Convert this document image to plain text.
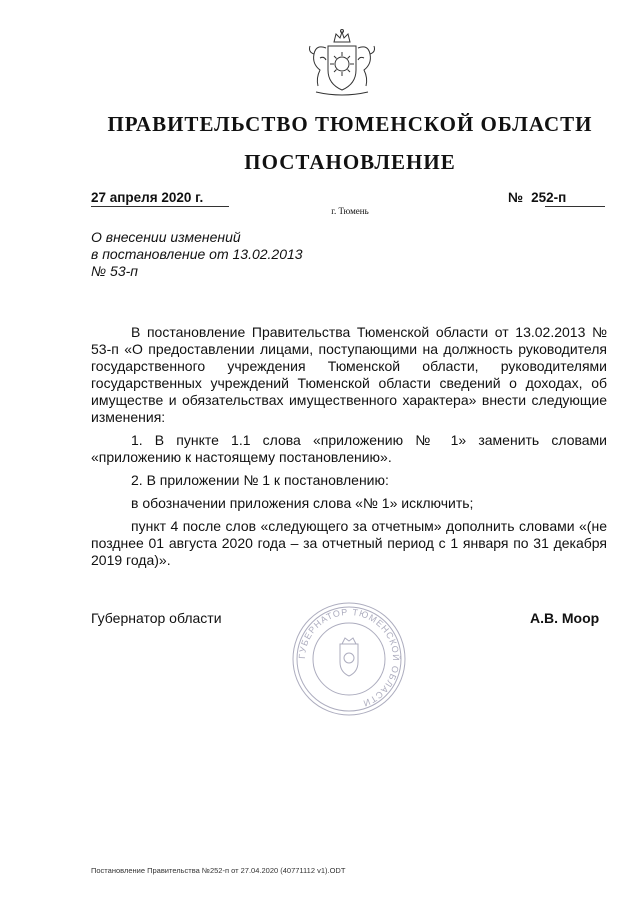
ПРАВИТЕЛЬСТВО ТЮМЕНСКОЙ ОБЛАСТИ
ПОСТАНОВЛЕНИЕ
27 апреля 2020 г.	№ 252-п
г. Тюмень
О внесении изменений
в постановление от 13.02.2013
№ 53-п

В постановление Правительства Тюменской области от 13.02.2013 № 53-п «О предоставлении лицами, поступающими на должность руководителя государственного учреждения Тюменской области, руководителями государственных учреждений Тюменской области сведений о доходах, об имуществе и обязательствах имущественного характера» внести следующие изменения:

1. В пункте 1.1 слова «приложению № 1» заменить словами «приложению к настоящему постановлению».

2. В приложении № 1 к постановлению:

в обозначении приложения слова «№ 1» исключить;

пункт 4 после слов «следующего за отчетным» дополнить словами «(не позднее 01 августа 2020 года – за отчетный период с 1 января по 31 декабря 2019 года)».

ГУБЕРНАТОР ТЮМЕНСКОЙ ОБЛАСТИ
Губернатор области	А.В. Моор
Постановление Правительства №252-п от 27.04.2020 (40771112 v1).ODT
